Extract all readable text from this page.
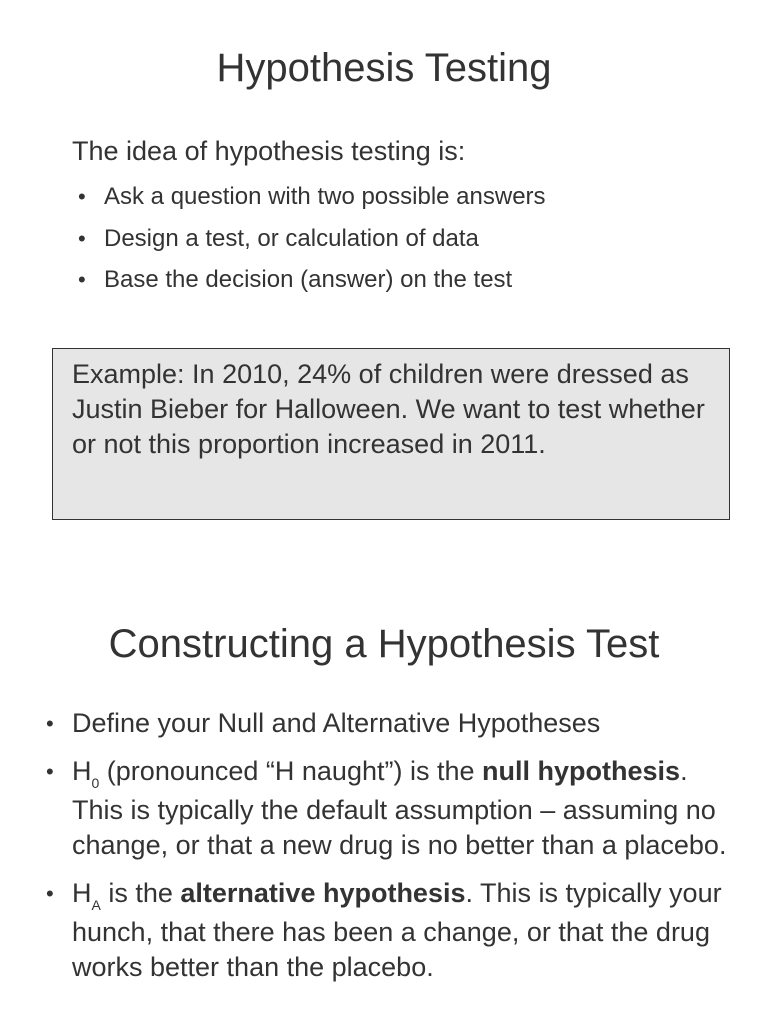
Hypothesis Testing

The idea of hypothesis testing is:

• Ask a question with two possible answers
• Design a test, or calculation of data
• Base the decision (answer) on the test

Example: In 2010, 24% of children were dressed as Justin Bieber for Halloween. We want to test whether or not this proportion increased in 2011.

Constructing a Hypothesis Test
• Define your Null and Alternative Hypotheses
• $H_0$ (pronounced “H naught”) is the null hypothesis. This is typically the default assumption – assuming no change, or that a new drug is no better than a placebo.
• $H_A$ is the alternative hypothesis. This is typically your hunch, that there has been a change, or that the drug works better than the placebo.
